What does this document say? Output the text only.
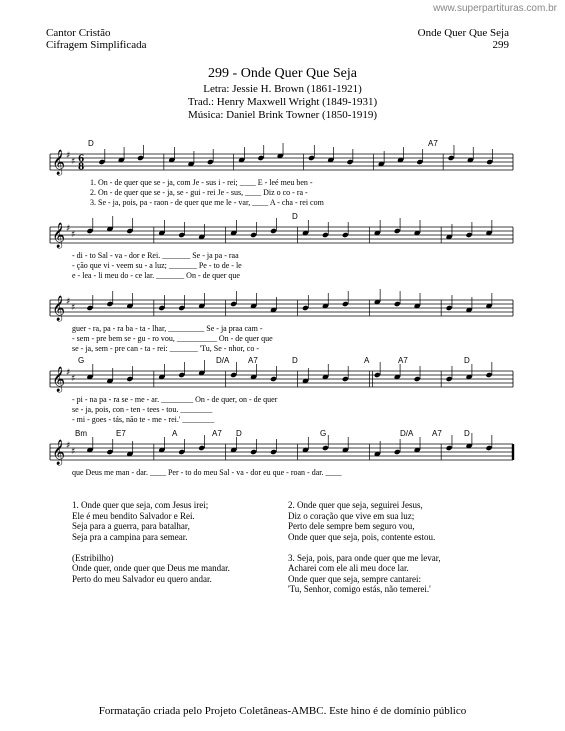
www.superpartituras.com.br
Cantor Cristão
Cifragem Simplificada
Onde Quer Que Seja
299
299 - Onde Quer Que Seja
Letra: Jessie H. Brown (1861-1921)
Trad.: Henry Maxwell Wright (1849-1931)
Música: Daniel Brink Towner (1850-1919)
𝄞 ♯
♯ 6
8
D	A7
1. On - de quer que se - ja, com Je - sus i - rei; ____ E - leé meu ben -
2. On - de quer que se - ja, se - gui - rei Je - sus, ____ Diz o co - ra -
3. Se - ja, pois, pa - raon - de quer que me le - var, ____ A - cha - rei com
𝄞 ♯
♯
D
- di - to Sal - va - dor e Rei. _______ Se - ja pa - raa
- ção que vi - veem su - a luz; _______ Pe - to de - le
e - lea - li meu do - ce lar. _______ On - de quer que
𝄞 ♯
♯
guer - ra, pa - ra ba - ta - lhar, _________ Se - ja praa cam -
- sem - pre bem se - gu - ro vou, __________ On - de quer que
se - ja, sem - pre can - ta - rei: _______ 'Tu, Se - nhor, co -
𝄞 ♯
♯
G	D/A A7	D	A	A7	D
- pi - na pa - ra se - me - ar. ________ On - de quer, on - de quer
se - ja, pois, con - ten - tees - tou. ________
- mi - goes - tás, não te - me - rei.' ________
𝄞 ♯
♯
Bm	E7	A	A7 D	G	D/A A7	D
que Deus me man - dar. ____ Per - to do meu Sal - va - dor eu que - roan - dar. ____
1. Onde quer que seja, com Jesus irei;
Ele é meu bendito Salvador e Rei.
Seja para a guerra, para batalhar,
Seja pra a campina para semear.

(Estribilho)
Onde quer, onde quer que Deus me mandar.
Perto do meu Salvador eu quero andar.
2. Onde quer que seja, seguirei Jesus,
Diz o coração que vive em sua luz;
Perto dele sempre bem seguro vou,
Onde quer que seja, pois, contente estou.

3. Seja, pois, para onde quer que me levar,
Acharei com ele ali meu doce lar.
Onde quer que seja, sempre cantarei:
'Tu, Senhor, comigo estás, não temerei.'
Formatação criada pelo Projeto Coletâneas-AMBC. Este hino é de domínio público
